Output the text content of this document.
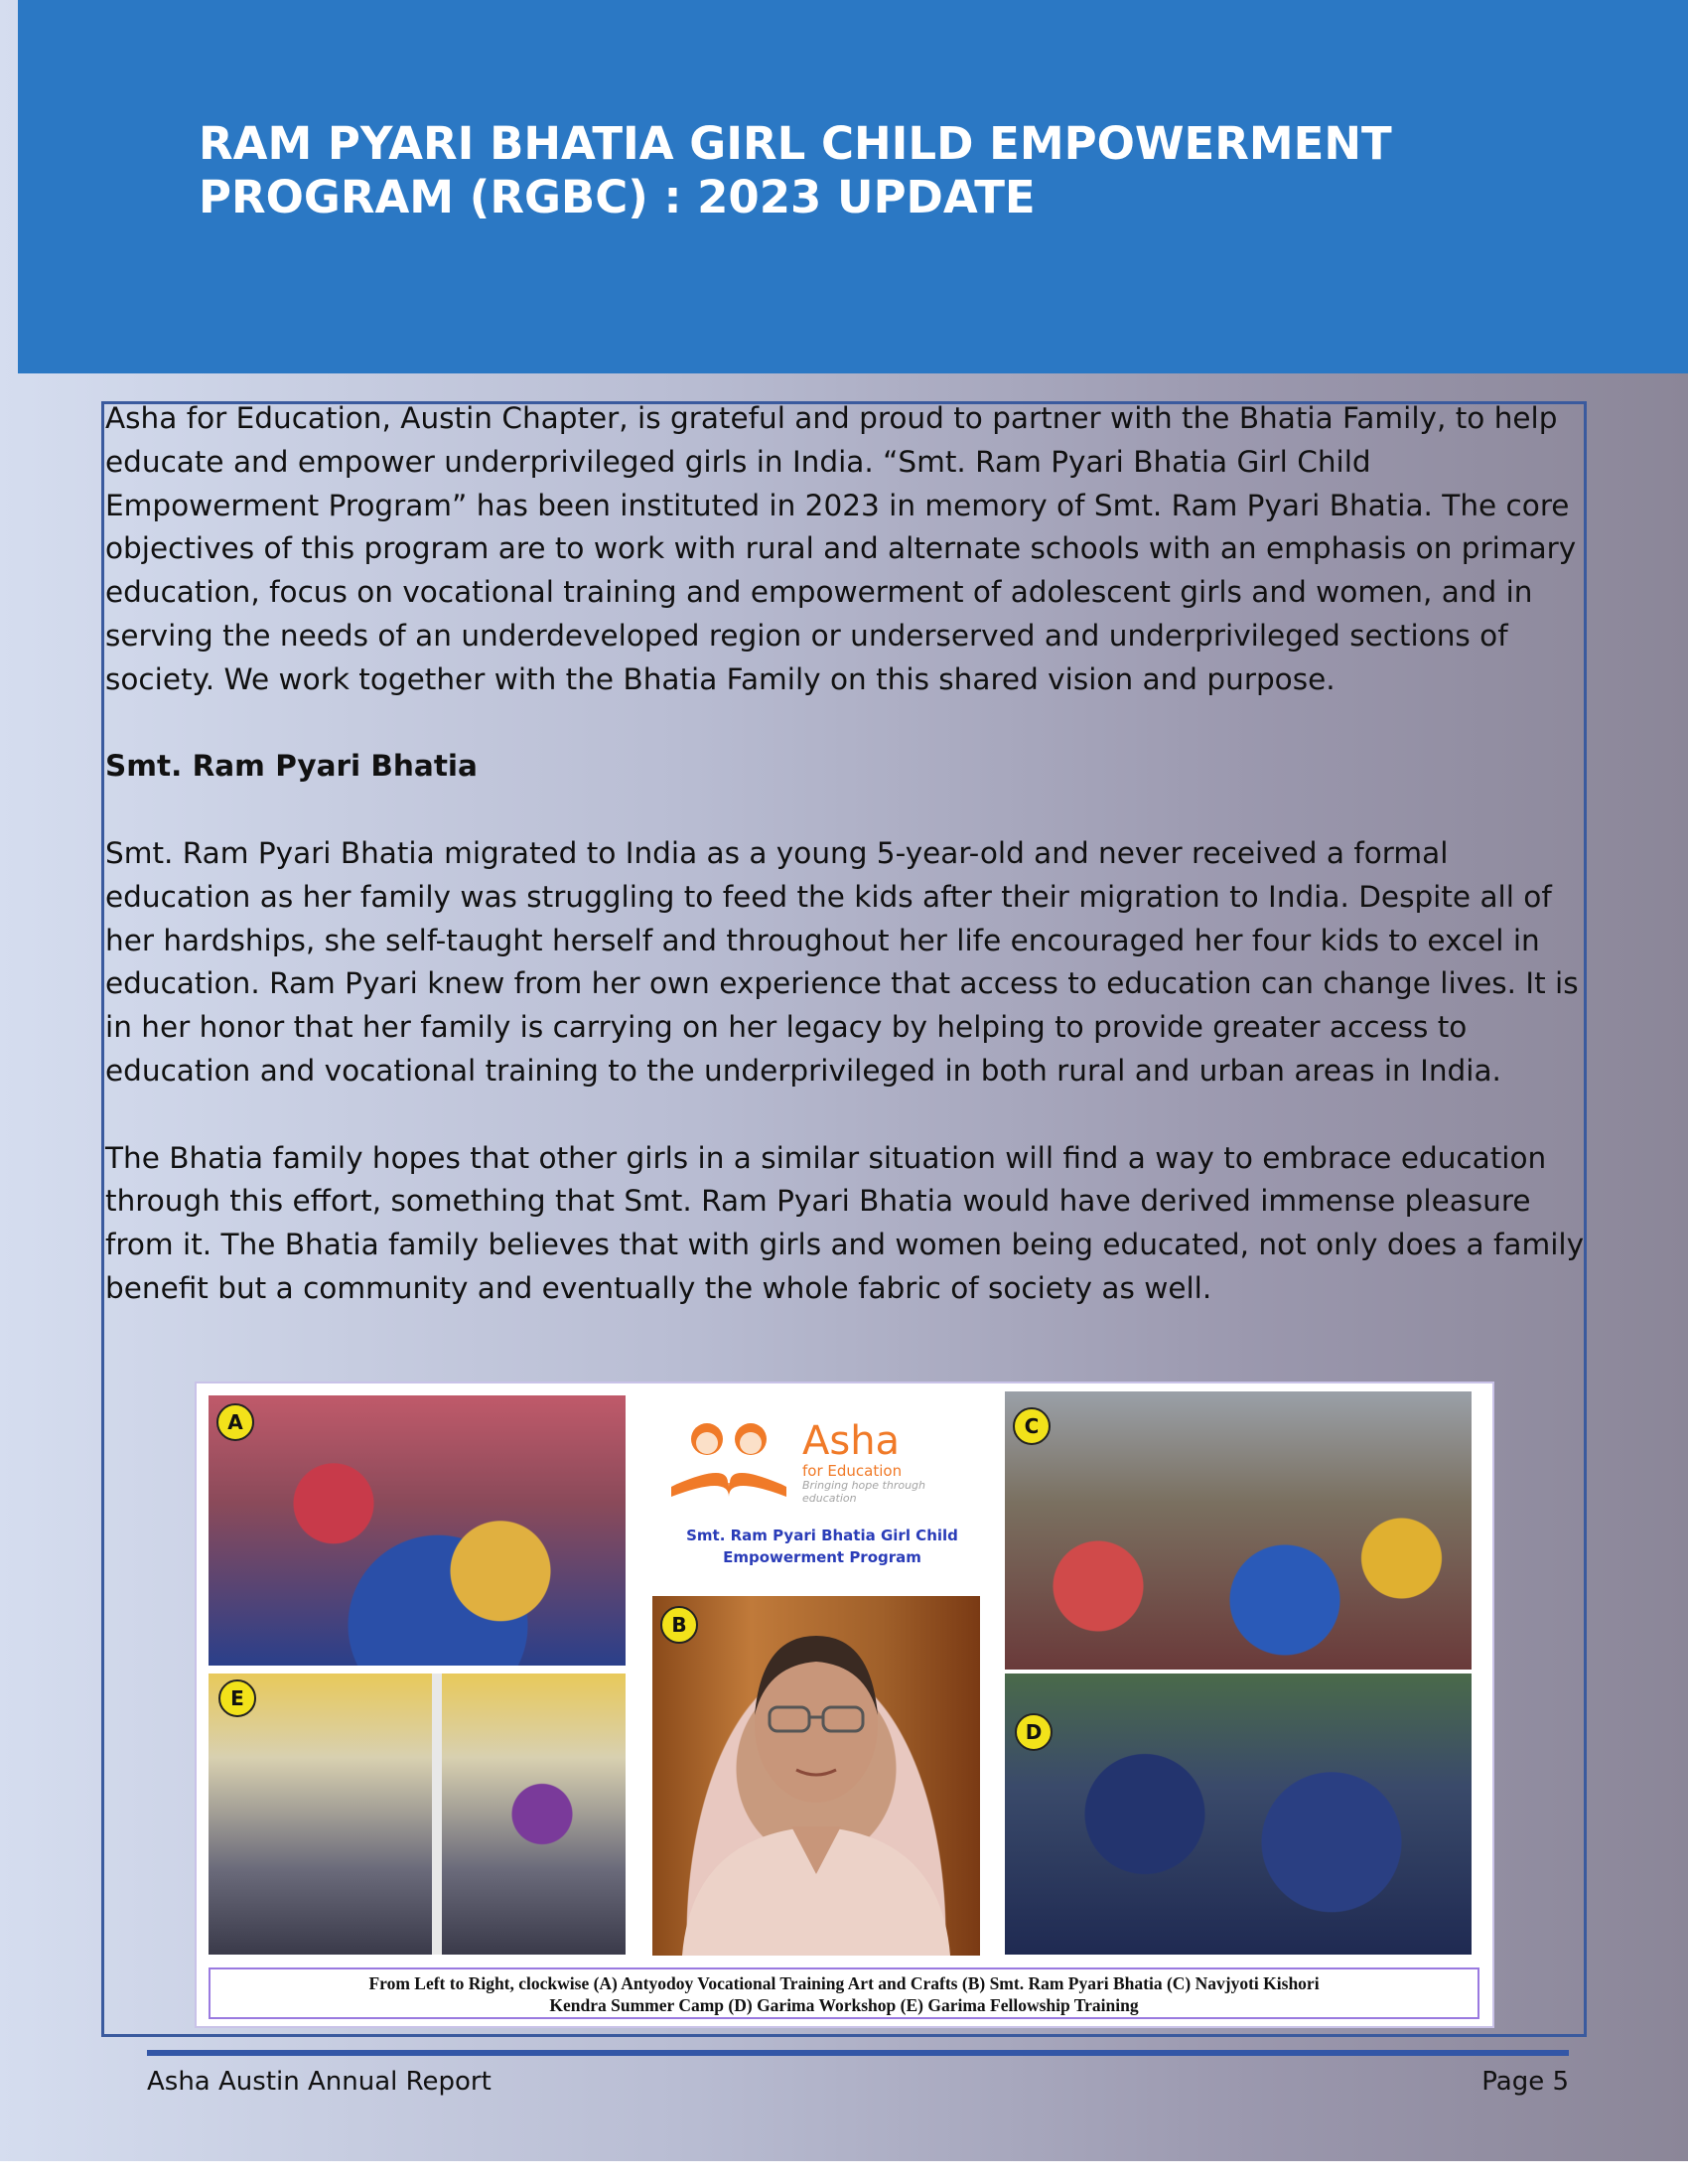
RAM PYARI BHATIA GIRL CHILD EMPOWERMENT
PROGRAM (RGBC) : 2023 UPDATE

Asha for Education, Austin Chapter, is grateful and proud to partner with the Bhatia Family, to help educate and empower underprivileged girls in India. “Smt. Ram Pyari Bhatia Girl Child Empowerment Program” has been instituted in 2023 in memory of Smt. Ram Pyari Bhatia. The core objectives of this program are to work with rural and alternate schools with an emphasis on primary education, focus on vocational training and empowerment of adolescent girls and women, and in serving the needs of an underdeveloped region or underserved and underprivileged sections of society. We work together with the Bhatia Family on this shared vision and purpose.

Smt. Ram Pyari Bhatia

Smt. Ram Pyari Bhatia migrated to India as a young 5-year-old and never received a formal education as her family was struggling to feed the kids after their migration to India. Despite all of her hardships, she self-taught herself and throughout her life encouraged her four kids to excel in education. Ram Pyari knew from her own experience that access to education can change lives. It is in her honor that her family is carrying on her legacy by helping to provide greater access to education and vocational training to the underprivileged in both rural and urban areas in India.

The Bhatia family hopes that other girls in a similar situation will find a way to embrace education through this effort, something that Smt. Ram Pyari Bhatia would have derived immense pleasure from it. The Bhatia family believes that with girls and women being educated, not only does a family benefit but a community and eventually the whole fabric of society as well.

A
E
Asha
for Education
Bringing hope through education
Smt. Ram Pyari Bhatia Girl Child
Empowerment Program
B
C
D
From Left to Right, clockwise (A) Antyodoy Vocational Training Art and Crafts (B) Smt. Ram Pyari Bhatia (C) Navjyoti Kishori
Kendra Summer Camp (D) Garima Workshop (E) Garima Fellowship Training
Asha Austin Annual Report	Page 5
